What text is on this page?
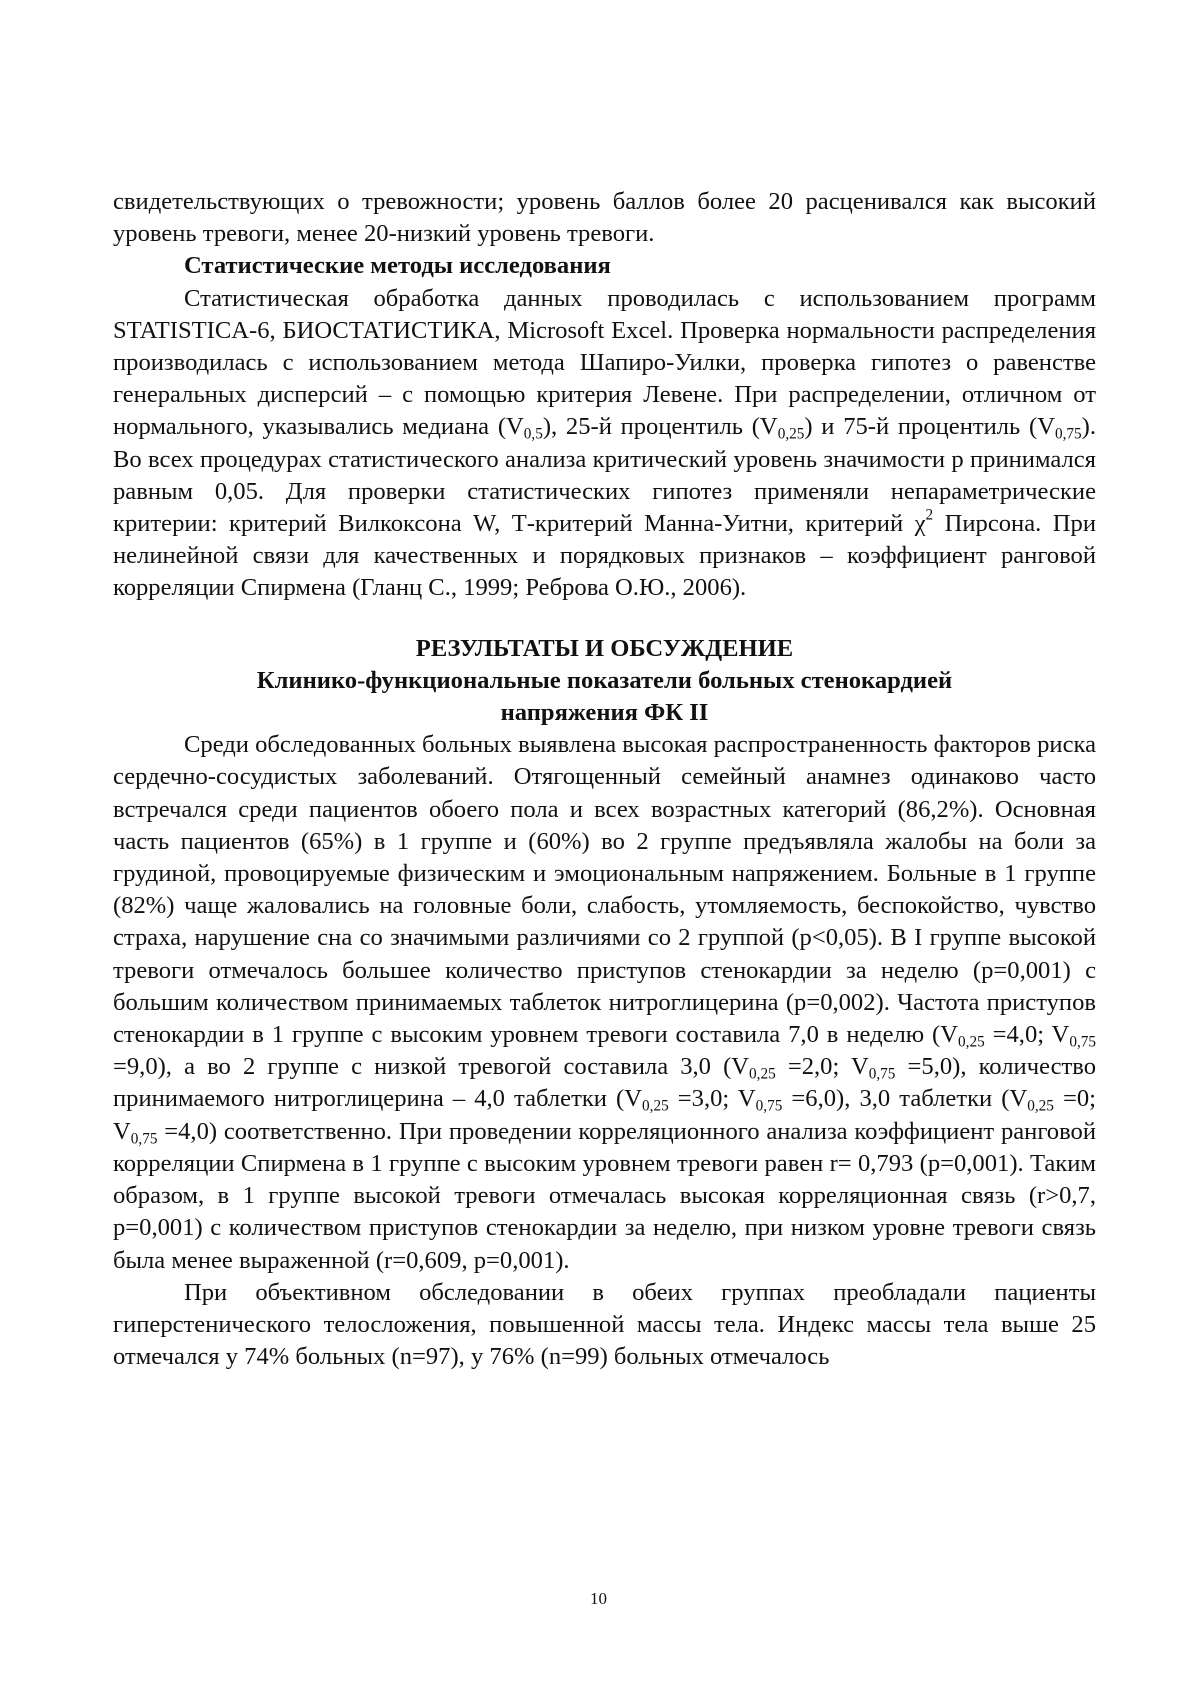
свидетельствующих о тревожности; уровень баллов более 20 расценивался как высокий уровень тревоги, менее 20-низкий уровень тревоги.

Статистические методы исследования

Статистическая обработка данных проводилась с использованием программ STATISTICA-6, БИОСТАТИСТИКА, Microsoft Excel. Проверка нормальности распределения производилась с использованием метода Шапиро-Уилки, проверка гипотез о равенстве генеральных дисперсий – с помощью критерия Левене. При распределении, отличном от нормального, указывались медиана $(V_{0,5})$, 25-й процентиль $(V_{0,25})$ и 75-й процентиль $(V_{0,75})$. Во всех процедурах статистического анализа критический уровень значимости p принимался равным 0,05. Для проверки статистических гипотез применяли непараметрические критерии: критерий Вилкоксона W, Т-критерий Манна-Уитни, критерий $\chi^2$ Пирсона. При нелинейной связи для качественных и порядковых признаков – коэффициент ранговой корреляции Спирмена (Гланц С., 1999; Реброва О.Ю., 2006).

РЕЗУЛЬТАТЫ И ОБСУЖДЕНИЕ

Клинико-функциональные показатели больных стенокардией

напряжения ФК II

Среди обследованных больных выявлена высокая распространенность факторов риска сердечно-сосудистых заболеваний. Отягощенный семейный анамнез одинаково часто встречался среди пациентов обоего пола и всех возрастных категорий (86,2%). Основная часть пациентов (65%) в 1 группе и (60%) во 2 группе предъявляла жалобы на боли за грудиной, провоцируемые физическим и эмоциональным напряжением. Больные в 1 группе (82%) чаще жаловались на головные боли, слабость, утомляемость, беспокойство, чувство страха, нарушение сна со значимыми различиями со 2 группой (р<0,05). В I группе высокой тревоги отмечалось большее количество приступов стенокардии за неделю (р=0,001) с большим количеством принимаемых таблеток нитроглицерина (р=0,002). Частота приступов стенокардии в 1 группе с высоким уровнем тревоги составила 7,0 в неделю ($V_{0,25} =4,0$; $V_{0,75} =9,0$), а во 2 группе с низкой тревогой составила 3,0 ($V_{0,25} =2,0$; $V_{0,75} =5,0$), количество принимаемого нитроглицерина – 4,0 таблетки ($V_{0,25} =3,0$; $V_{0,75} =6,0$), 3,0 таблетки ($V_{0,25} =0$; $V_{0,75} =4,0$) соответственно. При проведении корреляционного анализа коэффициент ранговой корреляции Спирмена в 1 группе с высоким уровнем тревоги равен r= 0,793 (p=0,001). Таким образом, в 1 группе высокой тревоги отмечалась высокая корреляционная связь (r>0,7, p=0,001) с количеством приступов стенокардии за неделю, при низком уровне тревоги связь была менее выраженной (r=0,609, p=0,001).

При объективном обследовании в обеих группах преобладали пациенты гиперстенического телосложения, повышенной массы тела. Индекс массы тела выше 25 отмечался у 74% больных (n=97), у 76% (n=99) больных отмечалось

10
